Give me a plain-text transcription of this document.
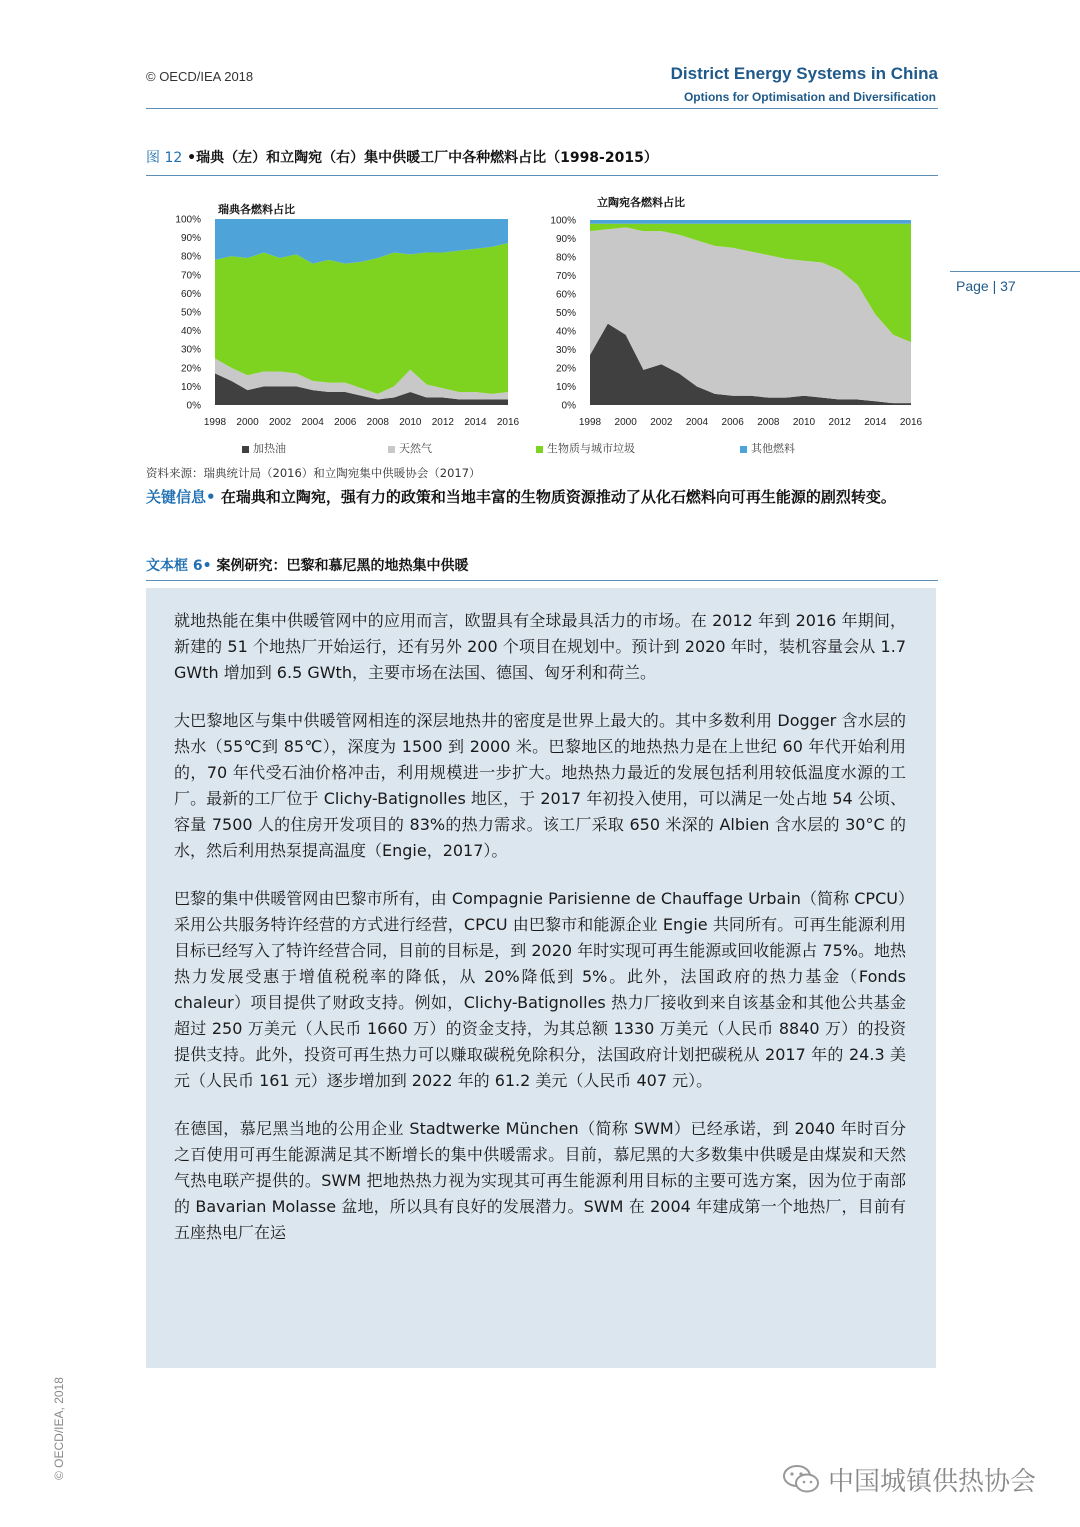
© OECD/IEA 2018	District Energy Systems in China
Options for Optimisation and Diversification
Page | 37
图 12 •瑞典（左）和立陶宛（右）集中供暖工厂中各种燃料占比（1998-2015）
瑞典各燃料占比
0%
10%
20%
30%
40%
50%
60%
70%
80%
90%
100%
1998 2000 2002 2004 2006 2008 2010 2012 2014 2016
立陶宛各燃料占比
0%
10%
20%
30%
40%
50%
60%
70%
80%
90%
100%
1998 2000 2002 2004 2006 2008 2010 2012 2014 2016
加热油	天然气	生物质与城市垃圾	其他燃料
资料来源：瑞典统计局（2016）和立陶宛集中供暖协会（2017）
关键信息• 在瑞典和立陶宛，强有力的政策和当地丰富的生物质资源推动了从化石燃料向可再生能源的剧烈转变。
文本框 6• 案例研究：巴黎和慕尼黑的地热集中供暖

就地热能在集中供暖管网中的应用而言，欧盟具有全球最具活力的市场。在 2012 年到 2016 年期间，新建的 51 个地热厂开始运行，还有另外 200 个项目在规划中。预计到 2020 年时，装机容量会从 1.7 GWth 增加到 6.5 GWth，主要市场在法国、德国、匈牙利和荷兰。

大巴黎地区与集中供暖管网相连的深层地热井的密度是世界上最大的。其中多数利用 Dogger 含水层的热水（55℃到 85℃），深度为 1500 到 2000 米。巴黎地区的地热热力是在上世纪 60 年代开始利用的，70 年代受石油价格冲击，利用规模进一步扩大。地热热力最近的发展包括利用较低温度水源的工厂。最新的工厂位于 Clichy-Batignolles 地区，于 2017 年初投入使用，可以满足一处占地 54 公顷、容量 7500 人的住房开发项目的 83%的热力需求。该工厂采取 650 米深的 Albien 含水层的 30°C 的水，然后利用热泵提高温度（Engie，2017）。

巴黎的集中供暖管网由巴黎市所有，由 Compagnie Parisienne de Chauffage Urbain（简称 CPCU）采用公共服务特许经营的方式进行经营，CPCU 由巴黎市和能源企业 Engie 共同所有。可再生能源利用目标已经写入了特许经营合同，目前的目标是，到 2020 年时实现可再生能源或回收能源占 75%。地热热力发展受惠于增值税税率的降低，从 20%降低到 5%。此外，法国政府的热力基金（Fonds chaleur）项目提供了财政支持。例如，Clichy-Batignolles 热力厂接收到来自该基金和其他公共基金超过 250 万美元（人民币 1660 万）的资金支持，为其总额 1330 万美元（人民币 8840 万）的投资提供支持。此外，投资可再生热力可以赚取碳税免除积分，法国政府计划把碳税从 2017 年的 24.3 美元（人民币 161 元）逐步增加到 2022 年的 61.2 美元（人民币 407 元）。

在德国，慕尼黑当地的公用企业 Stadtwerke München（简称 SWM）已经承诺，到 2040 年时百分之百使用可再生能源满足其不断增长的集中供暖需求。目前，慕尼黑的大多数集中供暖是由煤炭和天然气热电联产提供的。SWM 把地热热力视为实现其可再生能源利用目标的主要可选方案，因为位于南部的 Bavarian Molasse 盆地，所以具有良好的发展潜力。SWM 在 2004 年建成第一个地热厂，目前有五座热电厂在运

© OECD/IEA, 2018
中国城镇供热协会
